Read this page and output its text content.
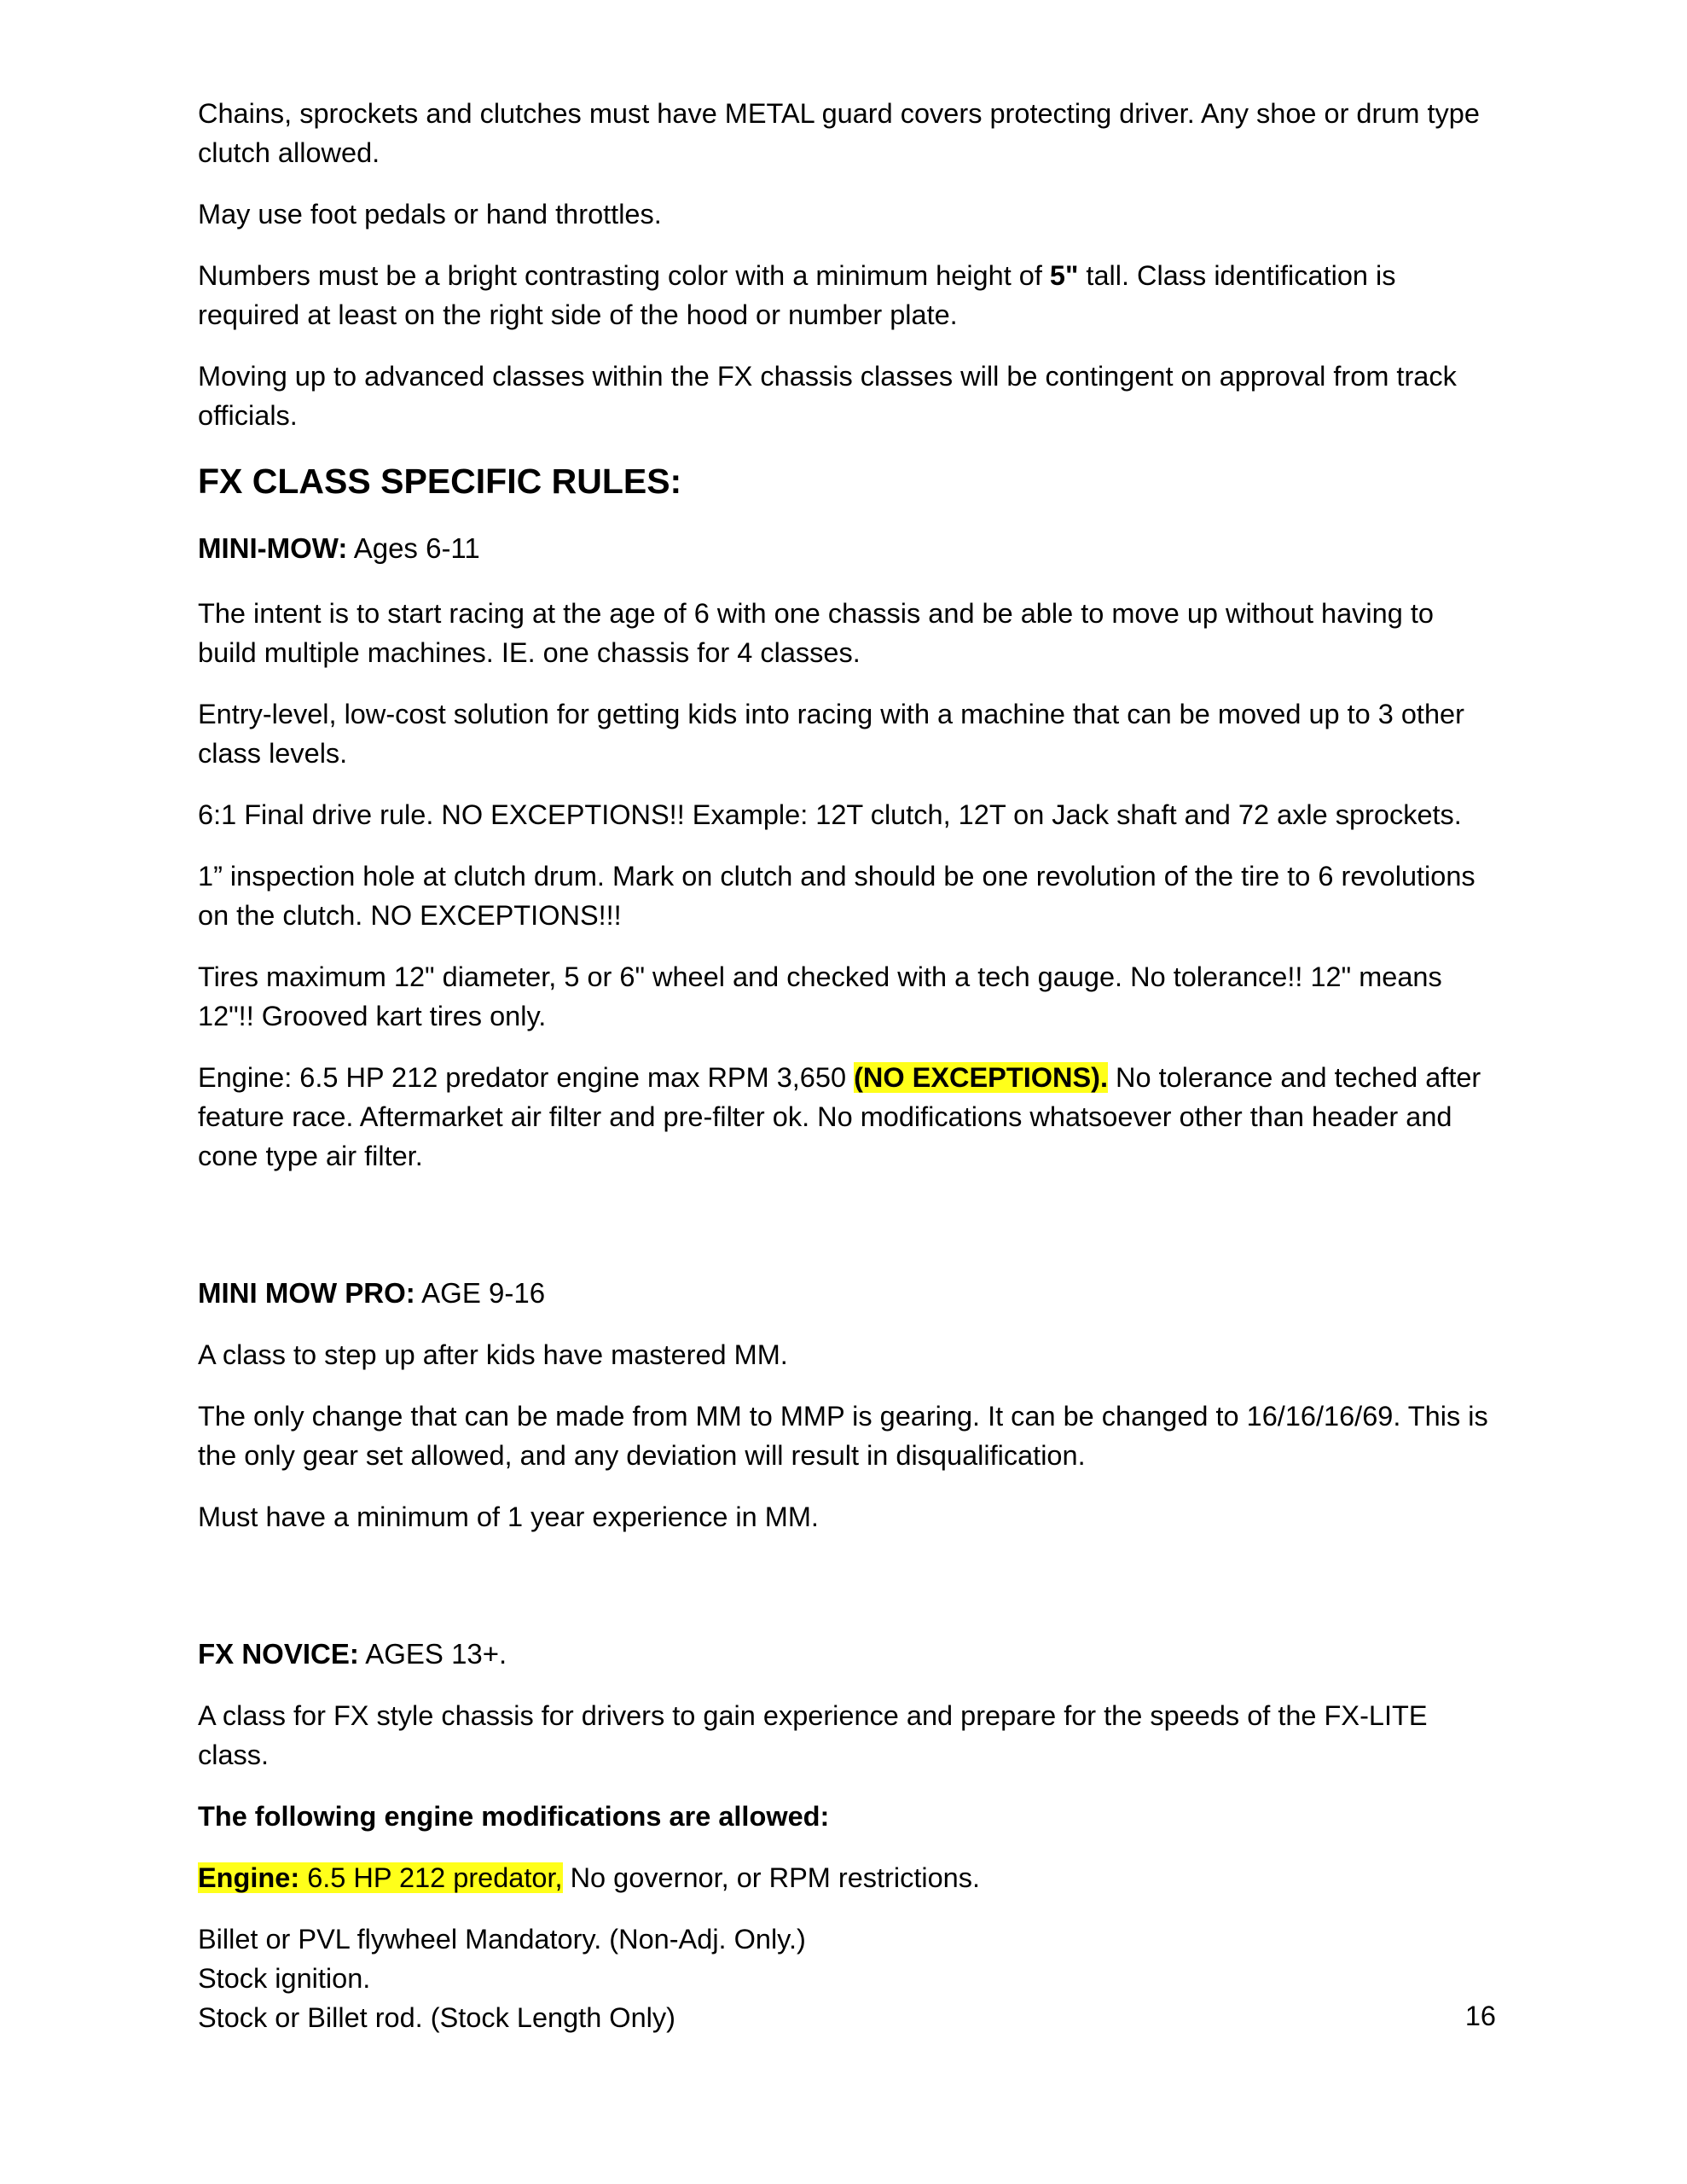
Chains, sprockets and clutches must have METAL guard covers protecting driver. Any shoe or drum type clutch allowed.

May use foot pedals or hand throttles.

Numbers must be a bright contrasting color with a minimum height of 5" tall. Class identification is required at least on the right side of the hood or number plate.

Moving up to advanced classes within the FX chassis classes will be contingent on approval from track officials.

FX CLASS SPECIFIC RULES:

MINI-MOW: Ages 6-11

The intent is to start racing at the age of 6 with one chassis and be able to move up without having to build multiple machines. IE. one chassis for 4 classes.

Entry-level, low-cost solution for getting kids into racing with a machine that can be moved up to 3 other class levels.

6:1 Final drive rule. NO EXCEPTIONS!! Example: 12T clutch, 12T on Jack shaft and 72 axle sprockets.

1” inspection hole at clutch drum. Mark on clutch and should be one revolution of the tire to 6 revolutions on the clutch. NO EXCEPTIONS!!!

Tires maximum 12" diameter, 5 or 6" wheel and checked with a tech gauge. No tolerance!! 12" means 12"!! Grooved kart tires only.

Engine: 6.5 HP 212 predator engine max RPM 3,650 (NO EXCEPTIONS). No tolerance and teched after feature race. Aftermarket air filter and pre-filter ok. No modifications whatsoever other than header and cone type air filter.

MINI MOW PRO: AGE 9-16

A class to step up after kids have mastered MM.

The only change that can be made from MM to MMP is gearing. It can be changed to 16/16/16/69. This is the only gear set allowed, and any deviation will result in disqualification.

Must have a minimum of 1 year experience in MM.

FX NOVICE: AGES 13+.

A class for FX style chassis for drivers to gain experience and prepare for the speeds of the FX-LITE class.

The following engine modifications are allowed:

Engine: 6.5 HP 212 predator, No governor, or RPM restrictions.

Billet or PVL flywheel Mandatory. (Non-Adj. Only.)

Stock ignition.

Stock or Billet rod. (Stock Length Only)	16
